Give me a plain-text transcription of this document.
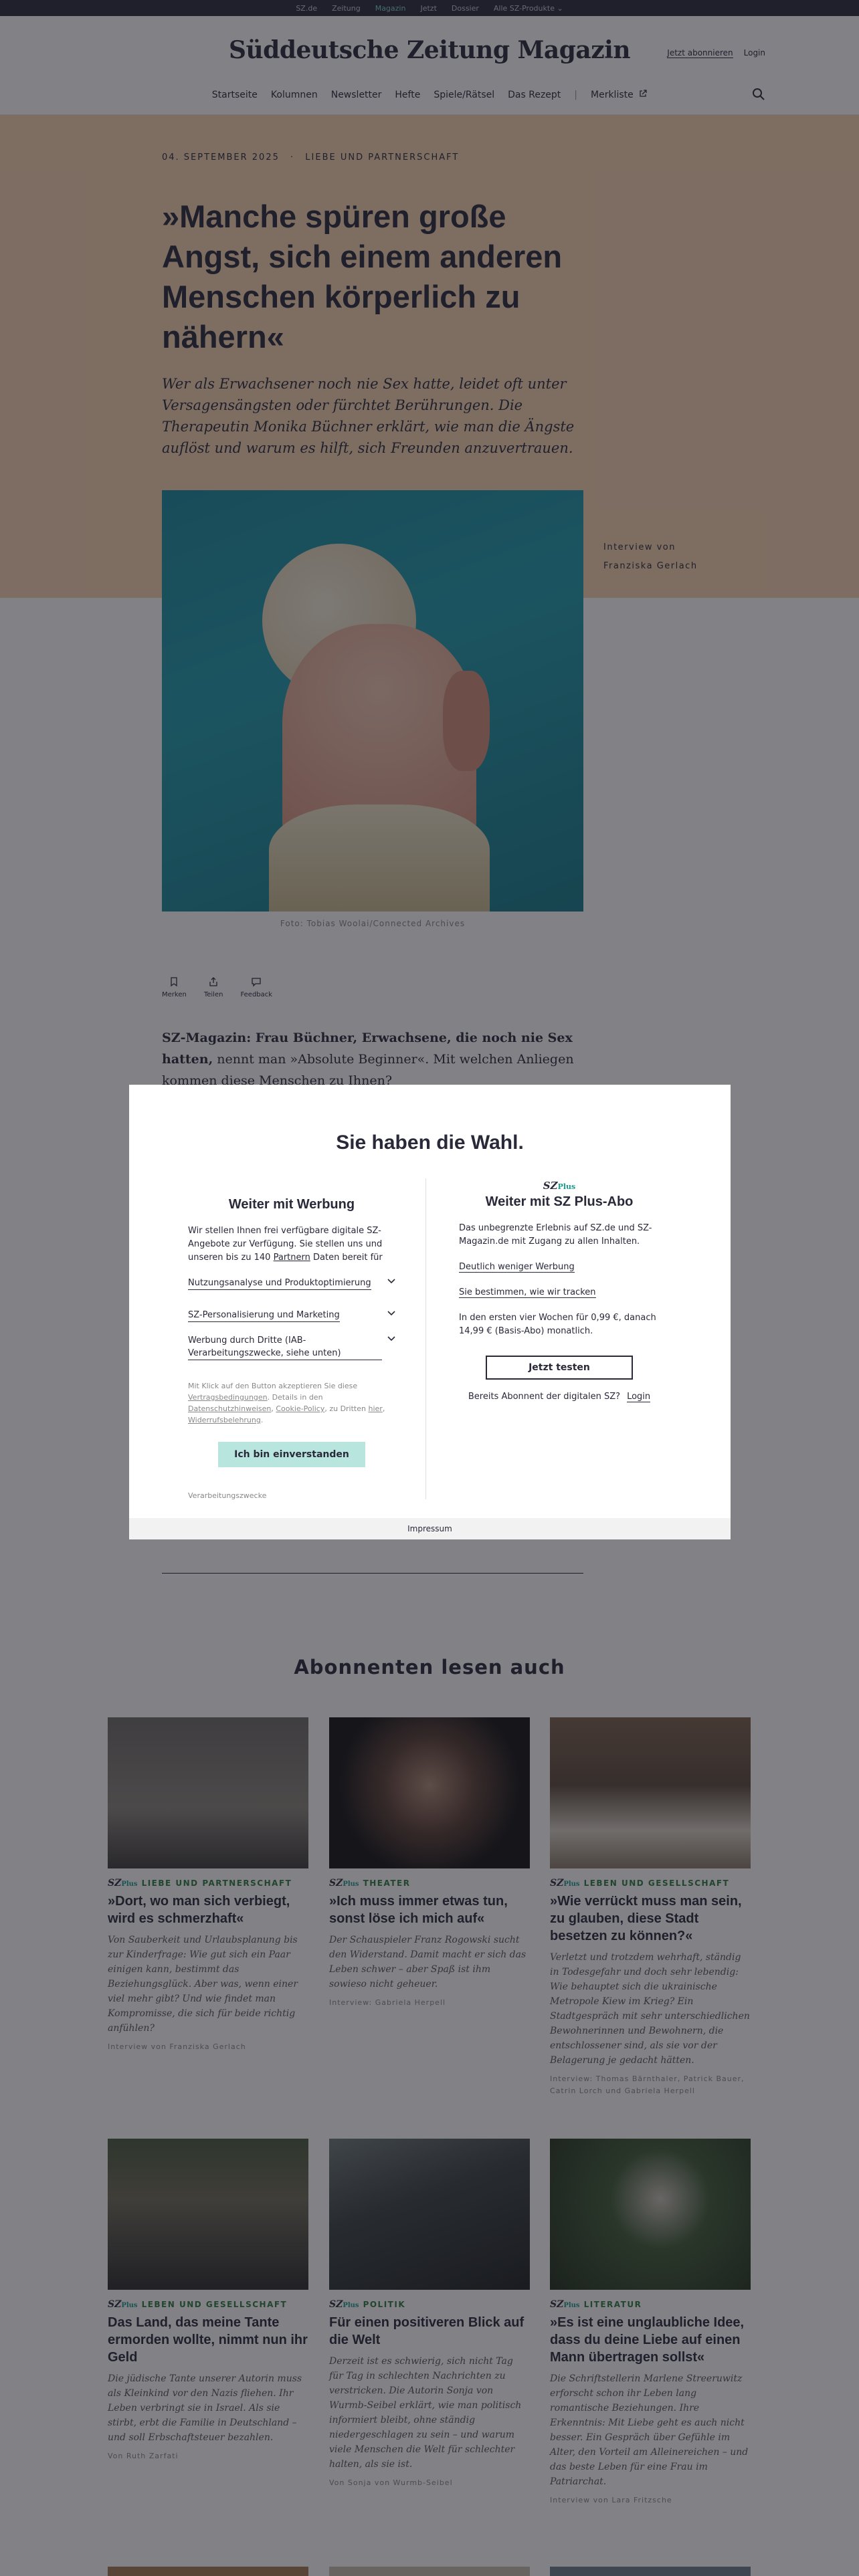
Sie haben die Wahl.
Weiter mit Werbung

Wir stellen Ihnen frei verfügbare digitale SZ-Angebote zur Verfügung. Sie stellen uns und unseren bis zu 140 Partnern Daten bereit für

Nutzungsanalyse und Produktoptimierung
SZ-Personalisierung und Marketing
Werbung durch Dritte (IAB-Verarbeitungszwecke, siehe unten)

Mit Klick auf den Button akzeptieren Sie diese Vertragsbedingungen. Details in den Datenschutzhinweisen, Cookie-Policy, zu Dritten hier, Widerrufsbelehrung.

Ich bin einverstanden
Verarbeitungszwecke
SZPlus
Weiter mit SZ Plus-Abo

Das unbegrenzte Erlebnis auf SZ.de und SZ-Magazin.de mit Zugang zu allen Inhalten.

Deutlich weniger Werbung
Sie bestimmen, wie wir tracken

In den ersten vier Wochen für 0,99 €, danach 14,99 € (Basis-Abo) monatlich.

Jetzt testen
Bereits Abonnent der digitalen SZ? Login
Impressum
